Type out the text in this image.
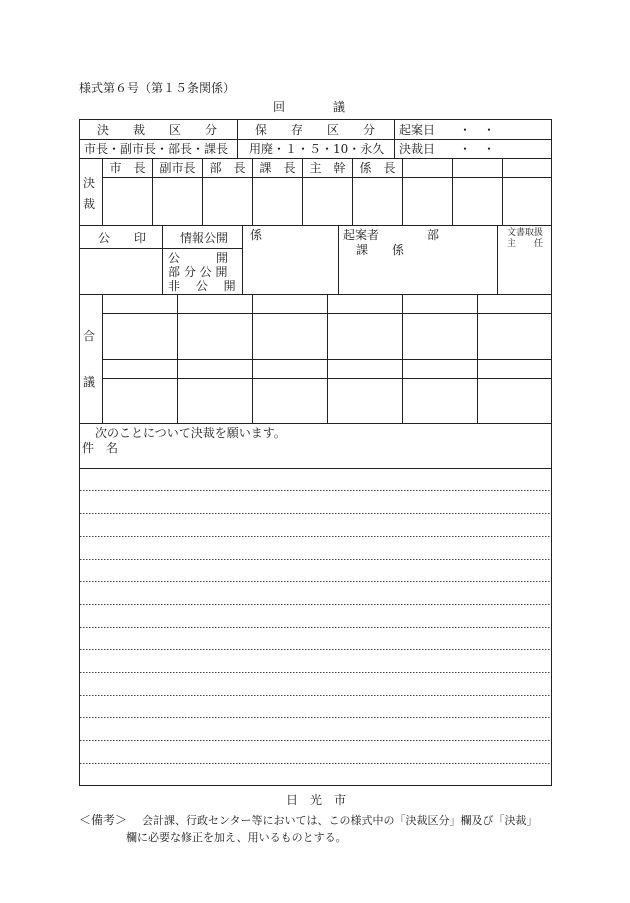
様式第６号（第１５条関係）
回　　　　議
決　　裁　　区　　分	保　　存　　区　　分 起案日　　・　・
市長・副市長・部長・課長 用廃・１・５・10・永久 決裁日　　・　・
決
裁
市　長	副市長	部　長	課　長	主　幹	係　長
公　　印	情報公開
公　　　開
部 分 公 開
非　 公　 開
係	起案者　　　　部
課　　係
文書取扱
主　　任
合
議
次のことについて決裁を願います。
件　名
日　光　市
＜備考＞ 会計課、行政センター等においては、この様式中の「決裁区分」欄及び「決裁」
欄に必要な修正を加え、用いるものとする。
